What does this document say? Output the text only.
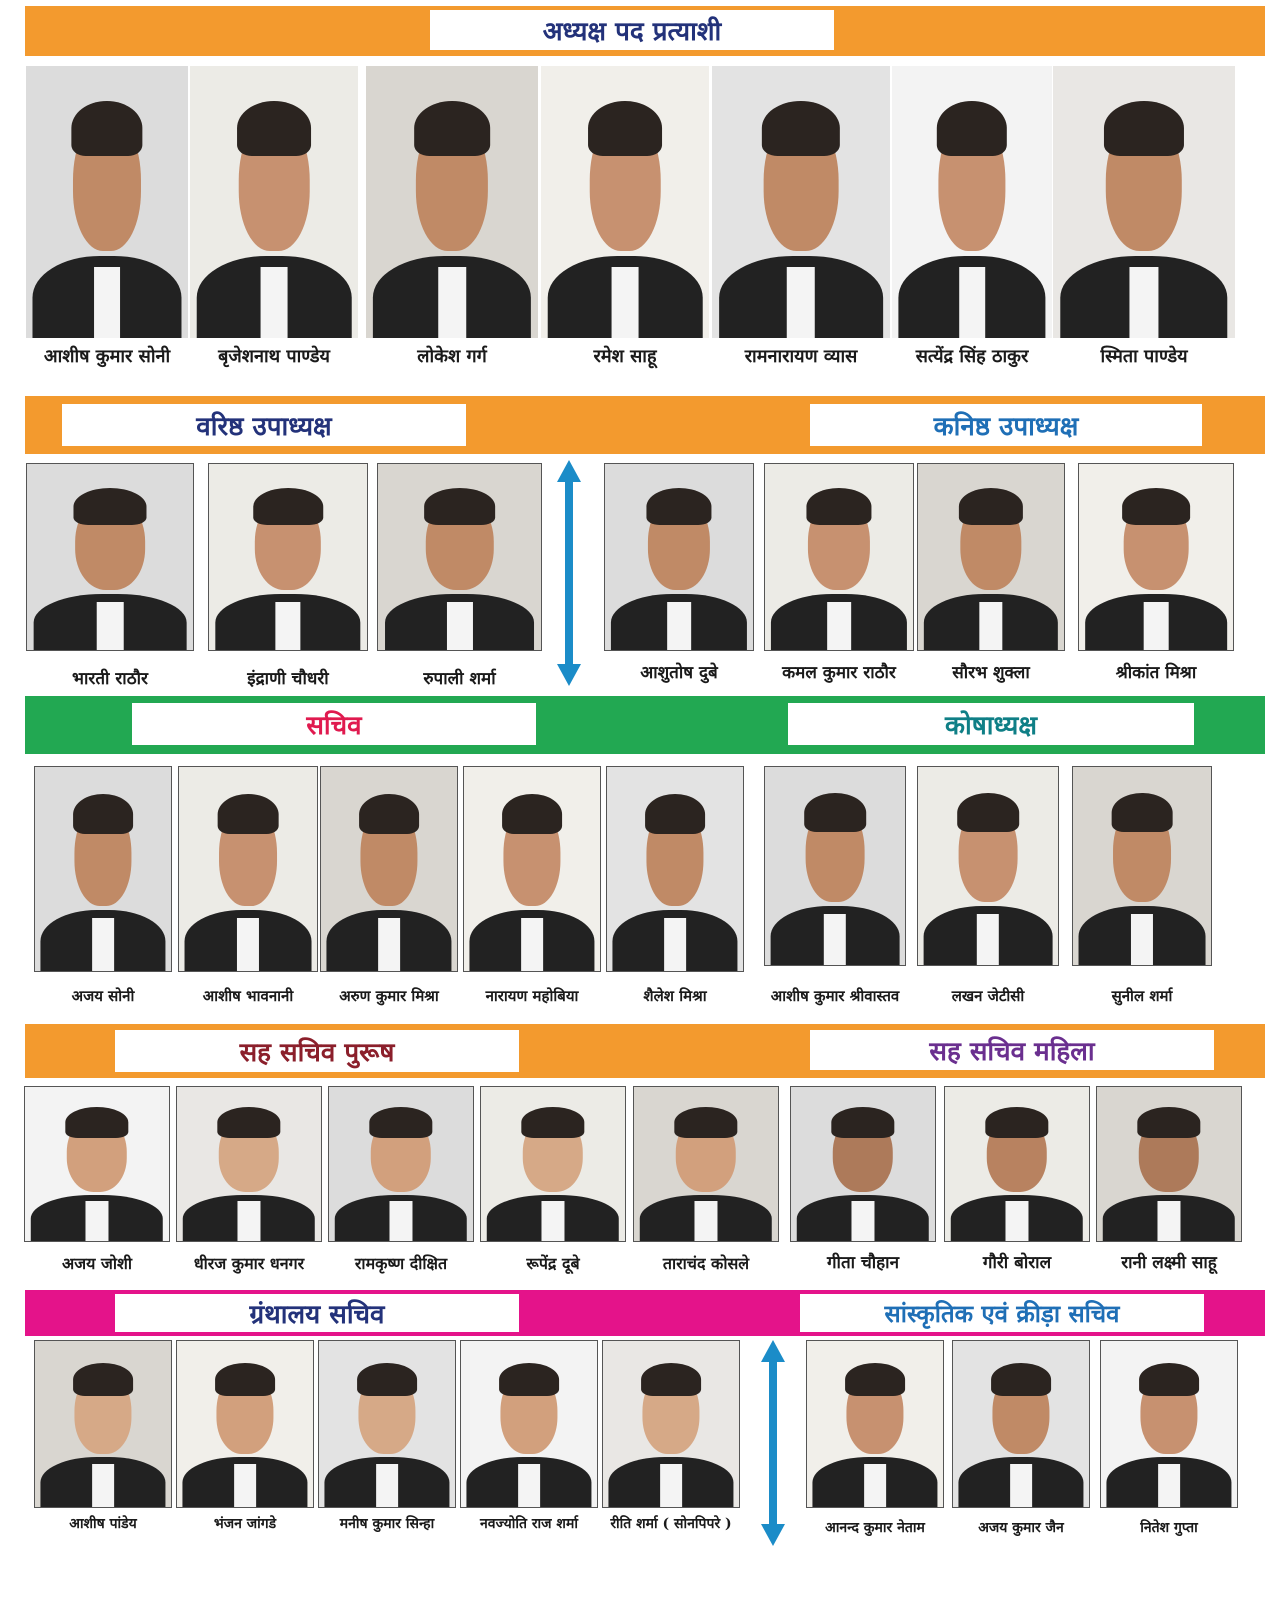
अध्यक्ष पद प्रत्याशी
आशीष कुमार सोनी	बृजेशनाथ पाण्डेय	लोकेश गर्ग	रमेश साहू	रामनारायण व्यास	सत्येंद्र सिंह ठाकुर	स्मिता पाण्डेय
वरिष्ठ उपाध्यक्ष	कनिष्ठ उपाध्यक्ष
भारती राठौर	इंद्राणी चौधरी	रुपाली शर्मा	आशुतोष दुबे	कमल कुमार राठौर	सौरभ शुक्ला	श्रीकांत मिश्रा
सचिव	कोषाध्यक्ष
अजय सोनी	आशीष भावनानी	अरुण कुमार मिश्रा	नारायण महोबिया	शैलेश मिश्रा	आशीष कुमार श्रीवास्तव	लखन जेटीसी	सुनील शर्मा
सह सचिव पुरूष	सह सचिव महिला
अजय जोशी	धीरज कुमार धनगर	रामकृष्ण दीक्षित	रूपेंद्र दूबे	ताराचंद कोसले	गीता चौहान	गौरी बोराल	रानी लक्ष्मी साहू
ग्रंथालय सचिव	सांस्कृतिक एवं क्रीड़ा सचिव
आशीष पांडेय	भंजन जांगडे	मनीष कुमार सिन्हा	नवज्योति राज शर्मा	रीति शर्मा ( सोनपिपरे )	आनन्द कुमार नेताम	अजय कुमार जैन	नितेश गुप्ता
